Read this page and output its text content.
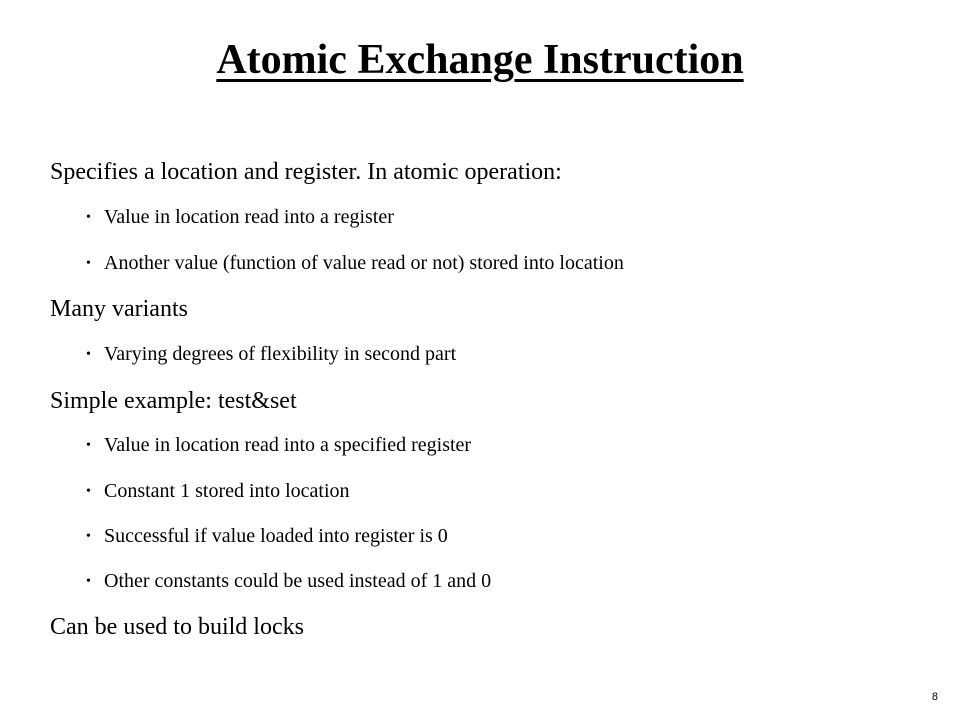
Atomic Exchange Instruction
Specifies a location and register. In atomic operation:
• Value in location read into a register
• Another value (function of value read or not) stored into location
Many variants
• Varying degrees of flexibility in second part
Simple example: test&set
• Value in location read into a specified register
• Constant 1 stored into location
• Successful if value loaded into register is 0
• Other constants could be used instead of 1 and 0
Can be used to build locks
8
